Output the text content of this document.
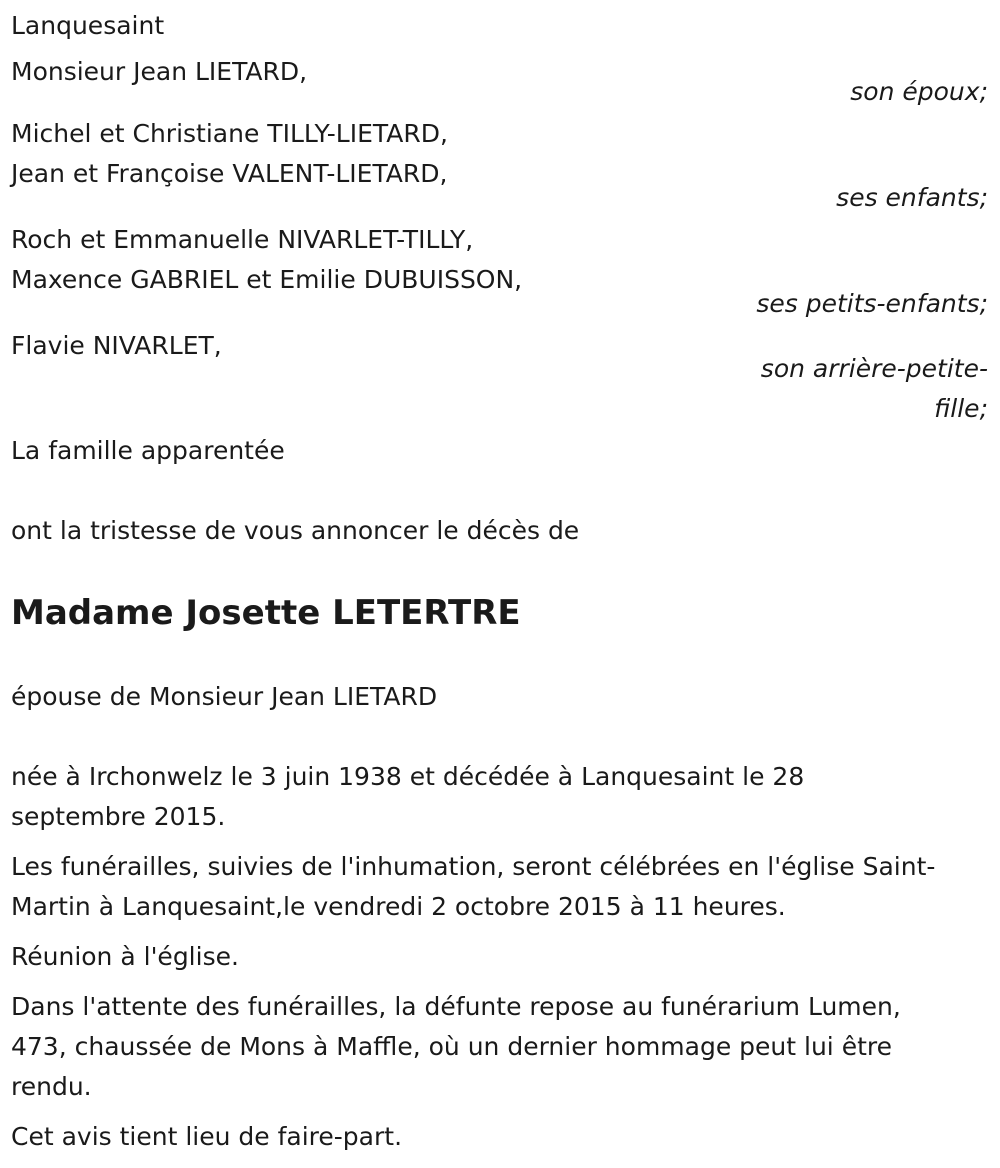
Lanquesaint
Monsieur Jean LIETARD,
son époux;
Michel et Christiane TILLY-LIETARD,
Jean et Françoise VALENT-LIETARD,
ses enfants;
Roch et Emmanuelle NIVARLET-TILLY,
Maxence GABRIEL et Emilie DUBUISSON,
ses petits-enfants;
Flavie NIVARLET,
son arrière-petite-
fille;
La famille apparentée
ont la tristesse de vous annoncer le décès de
Madame Josette LETERTRE
épouse de Monsieur Jean LIETARD
née à Irchonwelz le 3 juin 1938 et décédée à Lanquesaint le 28
septembre 2015.
Les funérailles, suivies de l'inhumation, seront célébrées en l'église Saint-
Martin à Lanquesaint,le vendredi 2 octobre 2015 à 11 heures.
Réunion à l'église.
Dans l'attente des funérailles, la défunte repose au funérarium Lumen,
473, chaussée de Mons à Maffle, où un dernier hommage peut lui être
rendu.
Cet avis tient lieu de faire-part.
